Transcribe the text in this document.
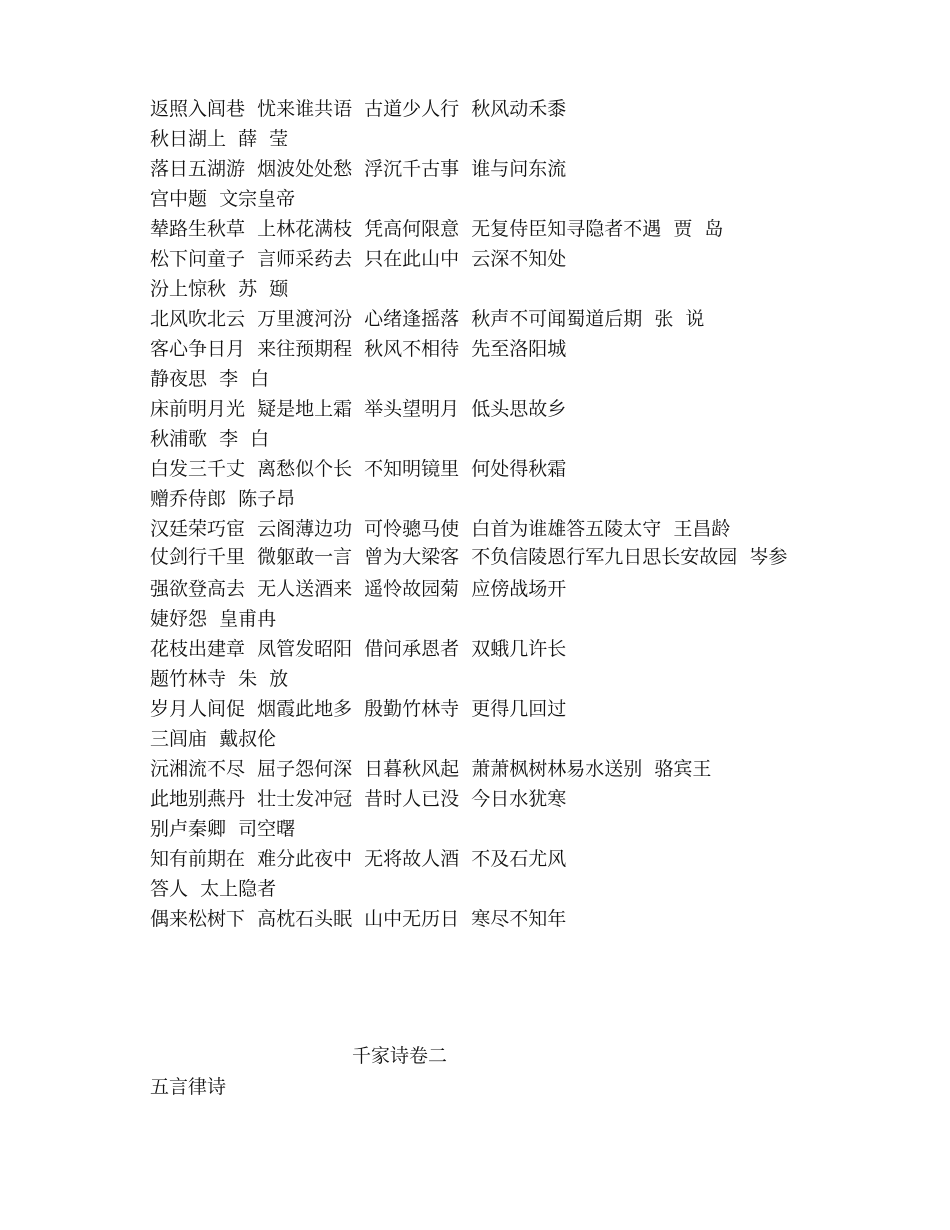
返照入闾巷  忧来谁共语  古道少人行  秋风动禾黍
秋日湖上  薛  莹
落日五湖游  烟波处处愁  浮沉千古事  谁与问东流
宫中题  文宗皇帝
辇路生秋草  上林花满枝  凭高何限意  无复侍臣知寻隐者不遇  贾  岛
松下问童子  言师采药去  只在此山中  云深不知处
汾上惊秋  苏  颋
北风吹北云  万里渡河汾  心绪逢摇落  秋声不可闻蜀道后期  张  说
客心争日月  来往预期程  秋风不相待  先至洛阳城
静夜思  李  白
床前明月光  疑是地上霜  举头望明月  低头思故乡
秋浦歌  李  白
白发三千丈  离愁似个长  不知明镜里  何处得秋霜
赠乔侍郎  陈子昂
汉廷荣巧宦  云阁薄边功  可怜骢马使  白首为谁雄答五陵太守  王昌龄
仗剑行千里  微躯敢一言  曾为大梁客  不负信陵恩行军九日思长安故园  岑参
强欲登高去  无人送酒来  遥怜故园菊  应傍战场开
婕妤怨  皇甫冉
花枝出建章  凤管发昭阳  借问承恩者  双蛾几许长
题竹林寺  朱  放
岁月人间促  烟霞此地多  殷勤竹林寺  更得几回过
三闾庙  戴叔伦
沅湘流不尽  屈子怨何深  日暮秋风起  萧萧枫树林易水送别  骆宾王
此地别燕丹  壮士发冲冠  昔时人已没  今日水犹寒
别卢秦卿  司空曙
知有前期在  难分此夜中  无将故人酒  不及石尤风
答人  太上隐者
偶来松树下  高枕石头眠  山中无历日  寒尽不知年
千家诗卷二
五言律诗
